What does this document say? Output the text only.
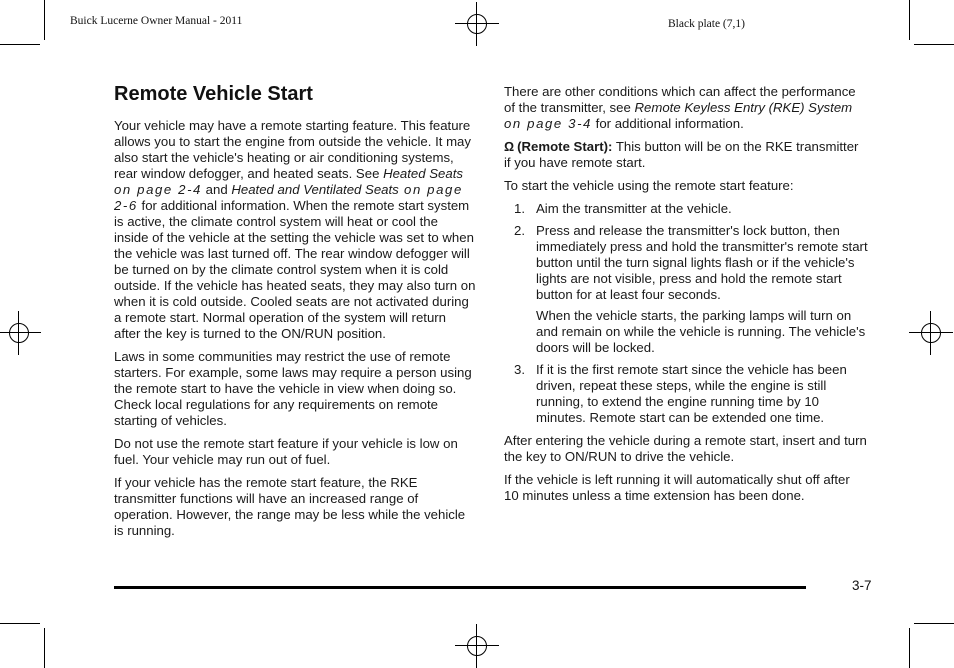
Buick Lucerne Owner Manual - 2011	Black plate (7,1)
Remote Vehicle Start

Your vehicle may have a remote starting feature. This feature allows you to start the engine from outside the vehicle. It may also start the vehicle's heating or air conditioning systems, rear window defogger, and heated seats. See Heated Seats on page 2-4 and Heated and Ventilated Seats on page 2-6 for additional information. When the remote start system is active, the climate control system will heat or cool the inside of the vehicle at the setting the vehicle was set to when the vehicle was last turned off. The rear window defogger will be turned on by the climate control system when it is cold outside. If the vehicle has heated seats, they may also turn on when it is cold outside. Cooled seats are not activated during a remote start. Normal operation of the system will return after the key is turned to the ON/RUN position.

Laws in some communities may restrict the use of remote starters. For example, some laws may require a person using the remote start to have the vehicle in view when doing so. Check local regulations for any requirements on remote starting of vehicles.

Do not use the remote start feature if your vehicle is low on fuel. Your vehicle may run out of fuel.

If your vehicle has the remote start feature, the RKE transmitter functions will have an increased range of operation. However, the range may be less while the vehicle is running.

There are other conditions which can affect the performance of the transmitter, see Remote Keyless Entry (RKE) System on page 3-4 for additional information.

Ω (Remote Start): This button will be on the RKE transmitter if you have remote start.

To start the vehicle using the remote start feature:

1. Aim the transmitter at the vehicle.
2. Press and release the transmitter's lock button, then immediately press and hold the transmitter's remote start button until the turn signal lights flash or if the vehicle's lights are not visible, press and hold the remote start button for at least four seconds.
When the vehicle starts, the parking lamps will turn on and remain on while the vehicle is running. The vehicle's doors will be locked.
3. If it is the first remote start since the vehicle has been driven, repeat these steps, while the engine is still running, to extend the engine running time by 10 minutes. Remote start can be extended one time.

After entering the vehicle during a remote start, insert and turn the key to ON/RUN to drive the vehicle.

If the vehicle is left running it will automatically shut off after 10 minutes unless a time extension has been done.

3-7
